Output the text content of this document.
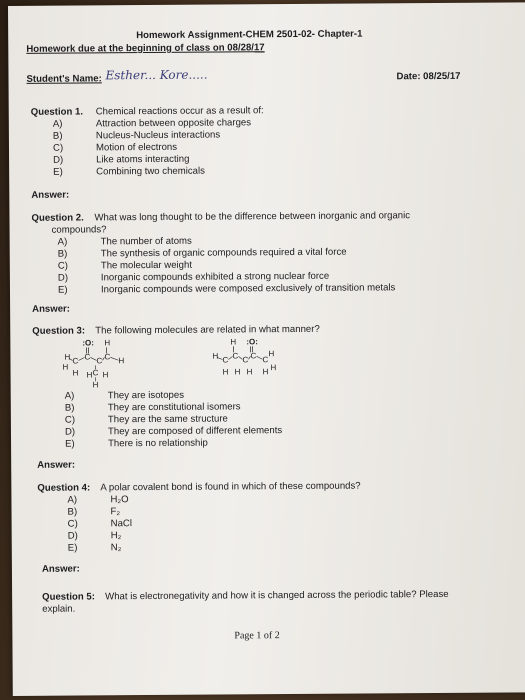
Homework Assignment-CHEM 2501-02- Chapter-1
Homework due at the beginning of class on 08/28/17
Student's Name: Esther... Kore.....	Date: 08/25/17
Question 1. Chemical reactions occur as a result of:
A)	Attraction between opposite charges
B)	Nucleus-Nucleus interactions
C)	Motion of electrons
D)	Like atoms interacting
E)	Combining two chemicals
Answer:
Question 2. What was long thought to be the difference between inorganic and organic
compounds?
A)	The number of atoms
B)	The synthesis of organic compounds required a vital force
C)	The molecular weight
D)	Inorganic compounds exhibited a strong nuclear force
E)	Inorganic compounds were composed exclusively of transition metals
Answer:
Question 3: The following molecules are related in what manner?
:O: H
H C C C C H
H
H H C H
H
H :O:
H C C C C C
H
H
H H H H
A)	They are isotopes
B)	They are constitutional isomers
C)	They are the same structure
D)	They are composed of different elements
E)	There is no relationship
Answer:
Question 4: A polar covalent bond is found in which of these compounds?
A)	H₂O
B)	F₂
C)	NaCl
D)	H₂
E)	N₂
Answer:
Question 5: What is electronegativity and how it is changed across the periodic table? Please
explain.
Page 1 of 2
